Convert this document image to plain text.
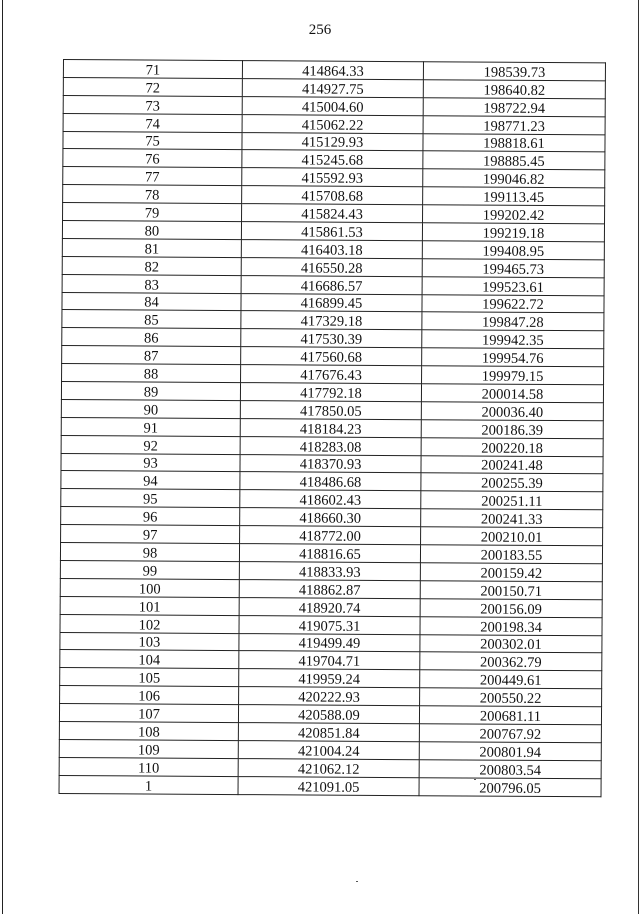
256
71	414864.33	198539.73
72	414927.75	198640.82
73	415004.60	198722.94
74	415062.22	198771.23
75	415129.93	198818.61
76	415245.68	198885.45
77	415592.93	199046.82
78	415708.68	199113.45
79	415824.43	199202.42
80	415861.53	199219.18
81	416403.18	199408.95
82	416550.28	199465.73
83	416686.57	199523.61
84	416899.45	199622.72
85	417329.18	199847.28
86	417530.39	199942.35
87	417560.68	199954.76
88	417676.43	199979.15
89	417792.18	200014.58
90	417850.05	200036.40
91	418184.23	200186.39
92	418283.08	200220.18
93	418370.93	200241.48
94	418486.68	200255.39
95	418602.43	200251.11
96	418660.30	200241.33
97	418772.00	200210.01
98	418816.65	200183.55
99	418833.93	200159.42
100	418862.87	200150.71
101	418920.74	200156.09
102	419075.31	200198.34
103	419499.49	200302.01
104	419704.71	200362.79
105	419959.24	200449.61
106	420222.93	200550.22
107	420588.09	200681.11
108	420851.84	200767.92
109	421004.24	200801.94
110	421062.12	200803.54
1	421091.05	200796.05
